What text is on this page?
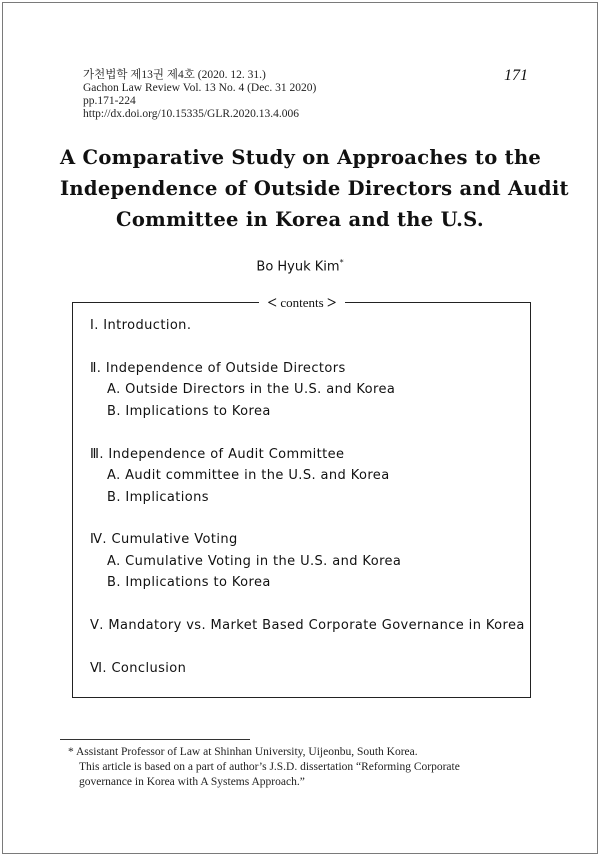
가천법학 제13권 제4호 (2020. 12. 31.)
Gachon Law Review Vol. 13 No. 4 (Dec. 31 2020)
pp.171-224
http://dx.doi.org/10.15335/GLR.2020.13.4.006
171
A Comparative Study on Approaches to the
Independence of Outside Directors and Audit
Committee in Korea and the U.S.
Bo Hyuk Kim*
< contents >
Ⅰ. Introduction.
Ⅱ. Independence of Outside Directors
A. Outside Directors in the U.S. and Korea
B. Implications to Korea
Ⅲ. Independence of Audit Committee
A. Audit committee in the U.S. and Korea
B. Implications
Ⅳ. Cumulative Voting
A. Cumulative Voting in the U.S. and Korea
B. Implications to Korea
Ⅴ. Mandatory vs. Market Based Corporate Governance in Korea
Ⅵ. Conclusion
* Assistant Professor of Law at Shinhan University, Uijeonbu, South Korea.
This article is based on a part of author’s J.S.D. dissertation “Reforming Corporate
governance in Korea with A Systems Approach.”
